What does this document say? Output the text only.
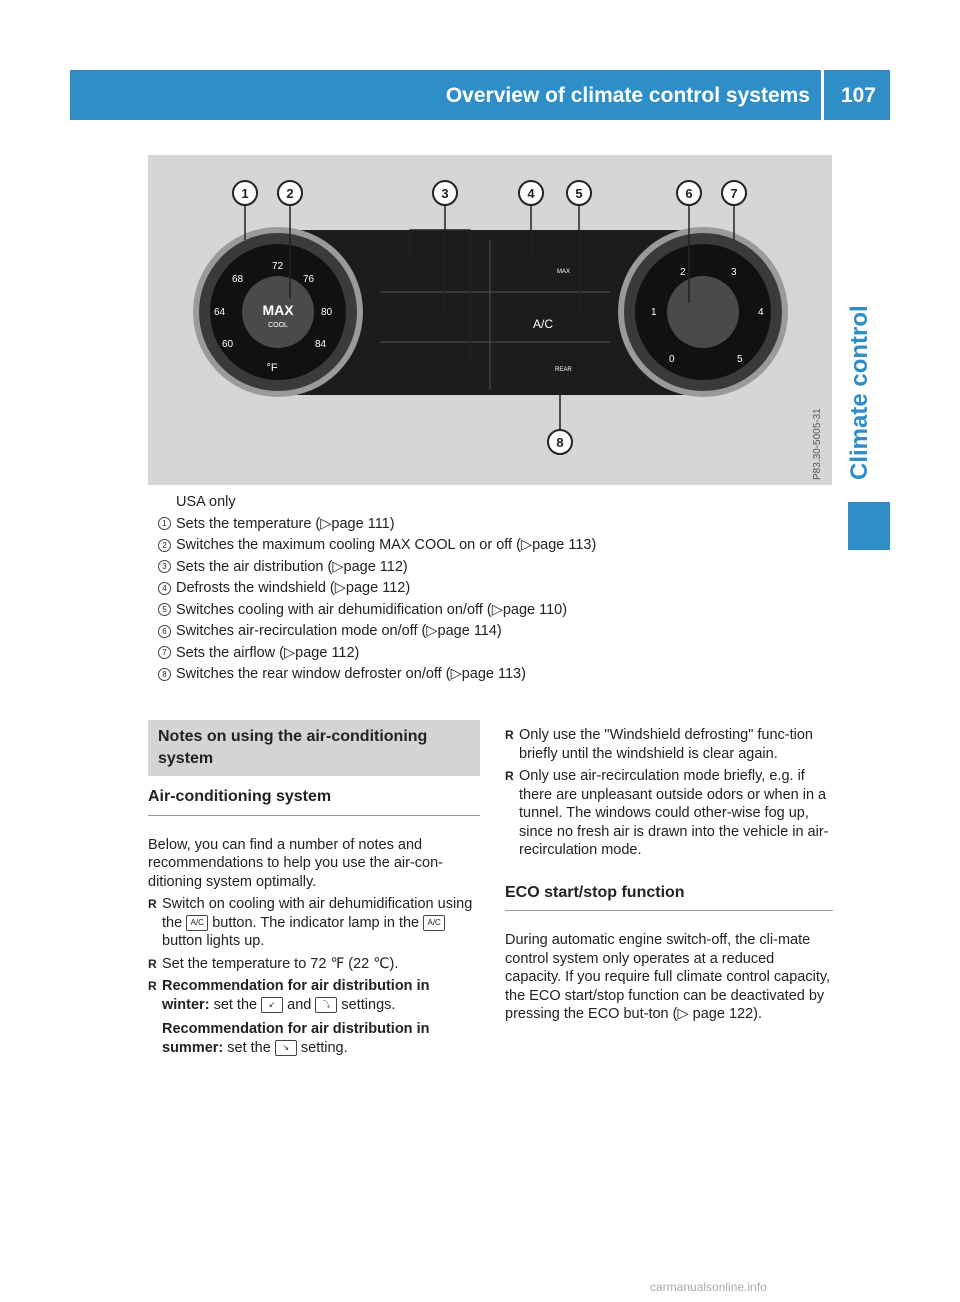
Overview of climate control systems 107
Climate control
MAX
COOL
°F
72
68	76
64	80
60	84
2	3
1	4
0	5
A/C
MAX
REAR
1	2	3	4	5	6	7
8	P83.30-5005-31
USA only
1 Sets the temperature ( ▷ page 111)
2 Switches the maximum cooling MAX COOL on or off ( ▷ page 113)
3 Sets the air distribution ( ▷ page 112)
4 Defrosts the windshield ( ▷ page 112)
5 Switches cooling with air dehumidification on/off ( ▷ page 110)
6 Switches air-recirculation mode on/off ( ▷ page 114)
7 Sets the airflow ( ▷ page 112)
8 Switches the rear window defroster on/off ( ▷ page 113)
Notes on using the air-conditioning system
Air-conditioning system
Below, you can find a number of notes and recommendations to help you use the air-con-ditioning system optimally.
R Switch on cooling with air dehumidification using the A/C button. The indicator lamp in the A/C button lights up.
R Set the temperature to 72 ℉ (22 ℃).
R Recommendation for air distribution in winter: set the ↙ and ⤵ settings.
Recommendation for air distribution in summer: set the ↘ setting.
R Only use the "Windshield defrosting" func-tion briefly until the windshield is clear again.
R Only use air-recirculation mode briefly, e.g. if there are unpleasant outside odors or when in a tunnel. The windows could other-wise fog up, since no fresh air is drawn into the vehicle in air-recirculation mode.
ECO start/stop function
During automatic engine switch-off, the cli-mate control system only operates at a reduced capacity. If you require full climate control capacity, the ECO start/stop function can be deactivated by pressing the ECO but-ton (▷ page 122).
carmanualsonline.info
